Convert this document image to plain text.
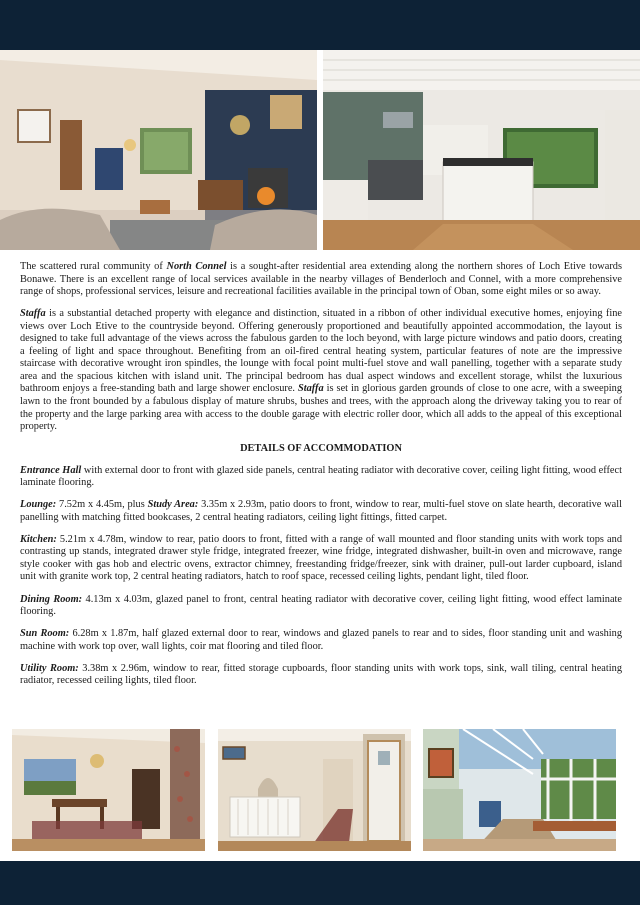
The scattered rural community of North Connel is a sought-after residential area extending along the northern shores of Loch Etive towards Bonawe. There is an excellent range of local services available in the nearby villages of Benderloch and Connel, with a more comprehensive range of shops, professional services, leisure and recreational facilities available in the principal town of Oban, some eight miles or so away.

Staffa is a substantial detached property with elegance and distinction, situated in a ribbon of other individual executive homes, enjoying fine views over Loch Etive to the countryside beyond. Offering generously proportioned and beautifully appointed accommodation, the layout is designed to take full advantage of the views across the fabulous garden to the loch beyond, with large picture windows and patio doors, creating a feeling of light and space throughout. Benefiting from an oil-fired central heating system, particular features of note are the impressive staircase with decorative wrought iron spindles, the lounge with focal point multi-fuel stove and wall panelling, together with a separate study area and the spacious kitchen with island unit. The principal bedroom has dual aspect windows and excellent storage, whilst the luxurious bathroom enjoys a free-standing bath and large shower enclosure. Staffa is set in glorious garden grounds of close to one acre, with a sweeping lawn to the front bounded by a fabulous display of mature shrubs, bushes and trees, with the approach along the driveway taking you to rear of the property and the large parking area with access to the double garage with electric roller door, which all adds to the appeal of this exceptional property.

DETAILS OF ACCOMMODATION

Entrance Hall with external door to front with glazed side panels, central heating radiator with decorative cover, ceiling light fitting, wood effect laminate flooring.

Lounge: 7.52m x 4.45m, plus Study Area: 3.35m x 2.93m, patio doors to front, window to rear, multi-fuel stove on slate hearth, decorative wall panelling with matching fitted bookcases, 2 central heating radiators, ceiling light fittings, fitted carpet.

Kitchen: 5.21m x 4.78m, window to rear, patio doors to front, fitted with a range of wall mounted and floor standing units with work tops and contrasting up stands, integrated drawer style fridge, integrated freezer, wine fridge, integrated dishwasher, built-in oven and microwave, range style cooker with gas hob and electric ovens, extractor chimney, freestanding fridge/freezer, sink with drainer, pull-out larder cupboard, island unit with granite work top, 2 central heating radiators, hatch to roof space, recessed ceiling lights, pendant light, tiled floor.

Dining Room: 4.13m x 4.03m, glazed panel to front, central heating radiator with decorative cover, ceiling light fitting, wood effect laminate flooring.

Sun Room: 6.28m x 1.87m, half glazed external door to rear, windows and glazed panels to rear and to sides, floor standing unit and washing machine with work top over, wall lights, coir mat flooring and tiled floor.

Utility Room: 3.38m x 2.96m, window to rear, fitted storage cupboards, floor standing units with work tops, sink, wall tiling, central heating radiator, recessed ceiling lights, tiled floor.
